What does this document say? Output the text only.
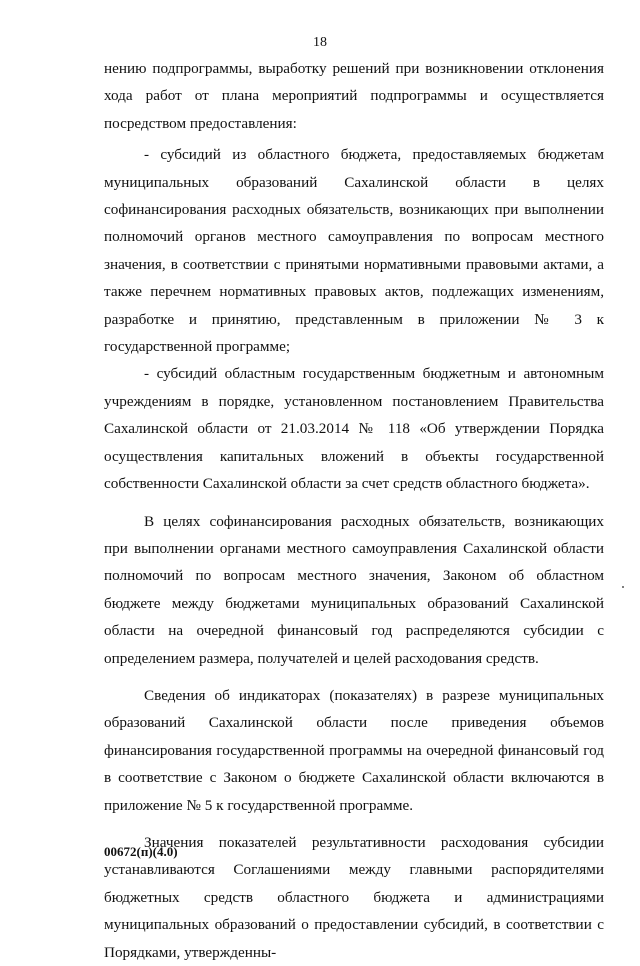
18

нению подпрограммы, выработку решений при возникновении отклонения хода работ от плана мероприятий подпрограммы и осуществляется посредством предоставления:

- субсидий из областного бюджета, предоставляемых бюджетам муниципальных образований Сахалинской области в целях софинансирования расходных обязательств, возникающих при выполнении полномочий органов местного самоуправления по вопросам местного значения, в соответствии с принятыми нормативными правовыми актами, а также перечнем нормативных правовых актов, подлежащих изменениям, разработке и принятию, представленным в приложении № 3 к государственной программе;

- субсидий областным государственным бюджетным и автономным учреждениям в порядке, установленном постановлением Правительства Сахалинской области от 21.03.2014 № 118 «Об утверждении Порядка осуществления капитальных вложений в объекты государственной собственности Сахалинской области за счет средств областного бюджета».

В целях софинансирования расходных обязательств, возникающих при выполнении органами местного самоуправления Сахалинской области полномочий по вопросам местного значения, Законом об областном бюджете между бюджетами муниципальных образований Сахалинской области на очередной финансовый год распределяются субсидии с определением размера, получателей и целей расходования средств.

Сведения об индикаторах (показателях) в разрезе муниципальных образований Сахалинской области после приведения объемов финансирования государственной программы на очередной финансовый год в соответствие с Законом о бюджете Сахалинской области включаются в приложение № 5 к государственной программе.

Значения показателей результативности расходования субсидии устанавливаются Соглашениями между главными распорядителями бюджетных средств областного бюджета и администрациями муниципальных образований о предоставлении субсидий, в соответствии с Порядками, утвержденны-

00672(п)(4.0)
